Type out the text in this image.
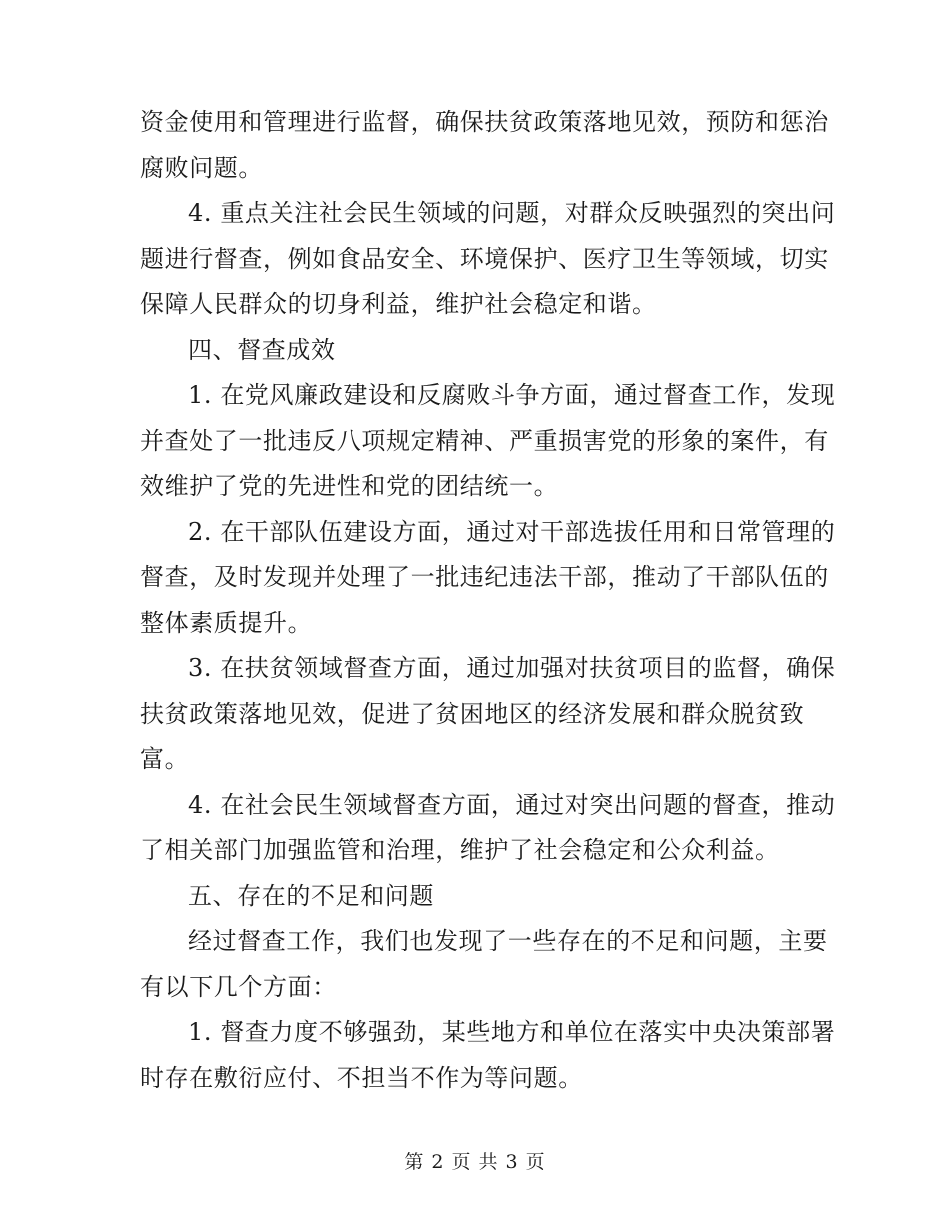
资金使用和管理进行监督，确保扶贫政策落地见效，预防和惩治
腐败问题。

4. 重点关注社会民生领域的问题，对群众反映强烈的突出问
题进行督查，例如食品安全、环境保护、医疗卫生等领域，切实
保障人民群众的切身利益，维护社会稳定和谐。

四、督查成效

1. 在党风廉政建设和反腐败斗争方面，通过督查工作，发现
并查处了一批违反八项规定精神、严重损害党的形象的案件，有
效维护了党的先进性和党的团结统一。

2. 在干部队伍建设方面，通过对干部选拔任用和日常管理的
督查，及时发现并处理了一批违纪违法干部，推动了干部队伍的
整体素质提升。

3. 在扶贫领域督查方面，通过加强对扶贫项目的监督，确保
扶贫政策落地见效，促进了贫困地区的经济发展和群众脱贫致
富。

4. 在社会民生领域督查方面，通过对突出问题的督查，推动
了相关部门加强监管和治理，维护了社会稳定和公众利益。

五、存在的不足和问题

经过督查工作，我们也发现了一些存在的不足和问题，主要
有以下几个方面：

1. 督查力度不够强劲，某些地方和单位在落实中央决策部署
时存在敷衍应付、不担当不作为等问题。

第 2 页 共 3 页
